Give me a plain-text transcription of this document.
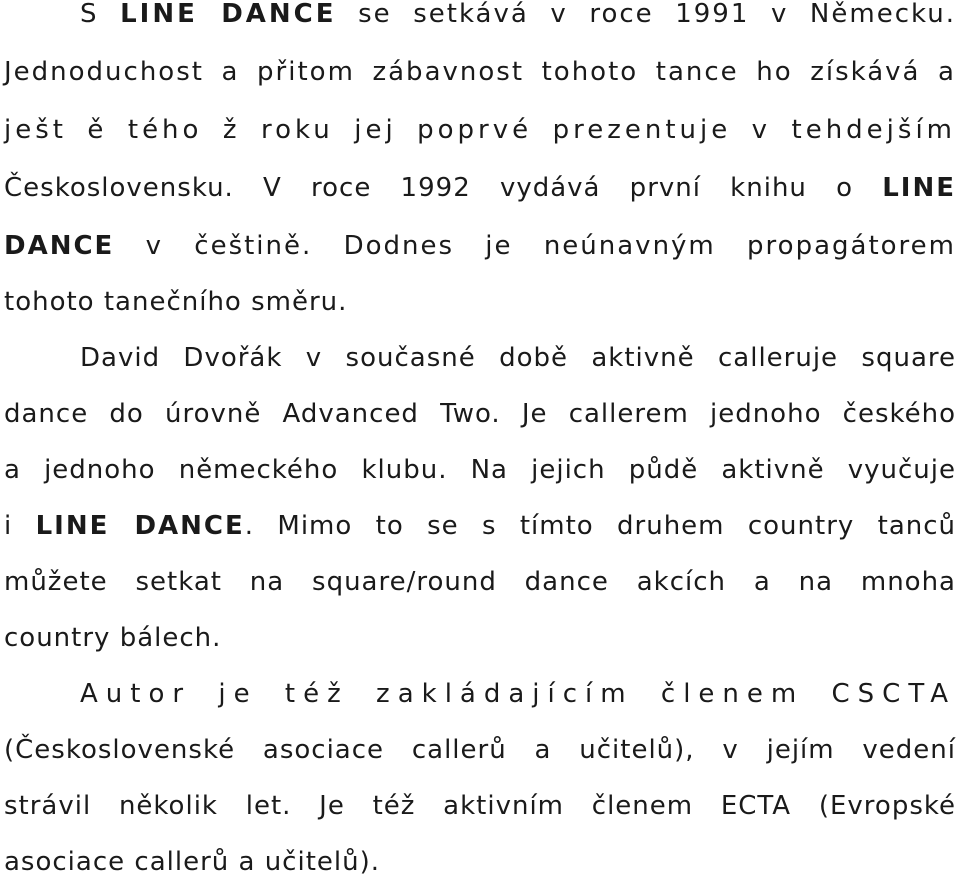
S LINE DANCE se setkává v roce 1991 v Německu.
Jednoduchost a přitom zábavnost tohoto tance ho získává a
ješt ě tého ž roku jej poprvé prezentuje v tehdejším
Československu. V roce 1992 vydává první knihu o LINE
DANCE v češtině. Dodnes je neúnavným propagátorem
tohoto tanečního směru.
David Dvořák v současné době aktivně calleruje square
dance do úrovně Advanced Two. Je callerem jednoho českého
a jednoho německého klubu. Na jejich půdě aktivně vyučuje
i LINE DANCE. Mimo to se s tímto druhem country tanců
můžete setkat na square/round dance akcích a na mnoha
country bálech.
Autor je též zakládajícím členem CSCTA
(Československé asociace callerů a učitelů), v jejím vedení
strávil několik let. Je též aktivním členem ECTA (Evropské
asociace callerů a učitelů).
